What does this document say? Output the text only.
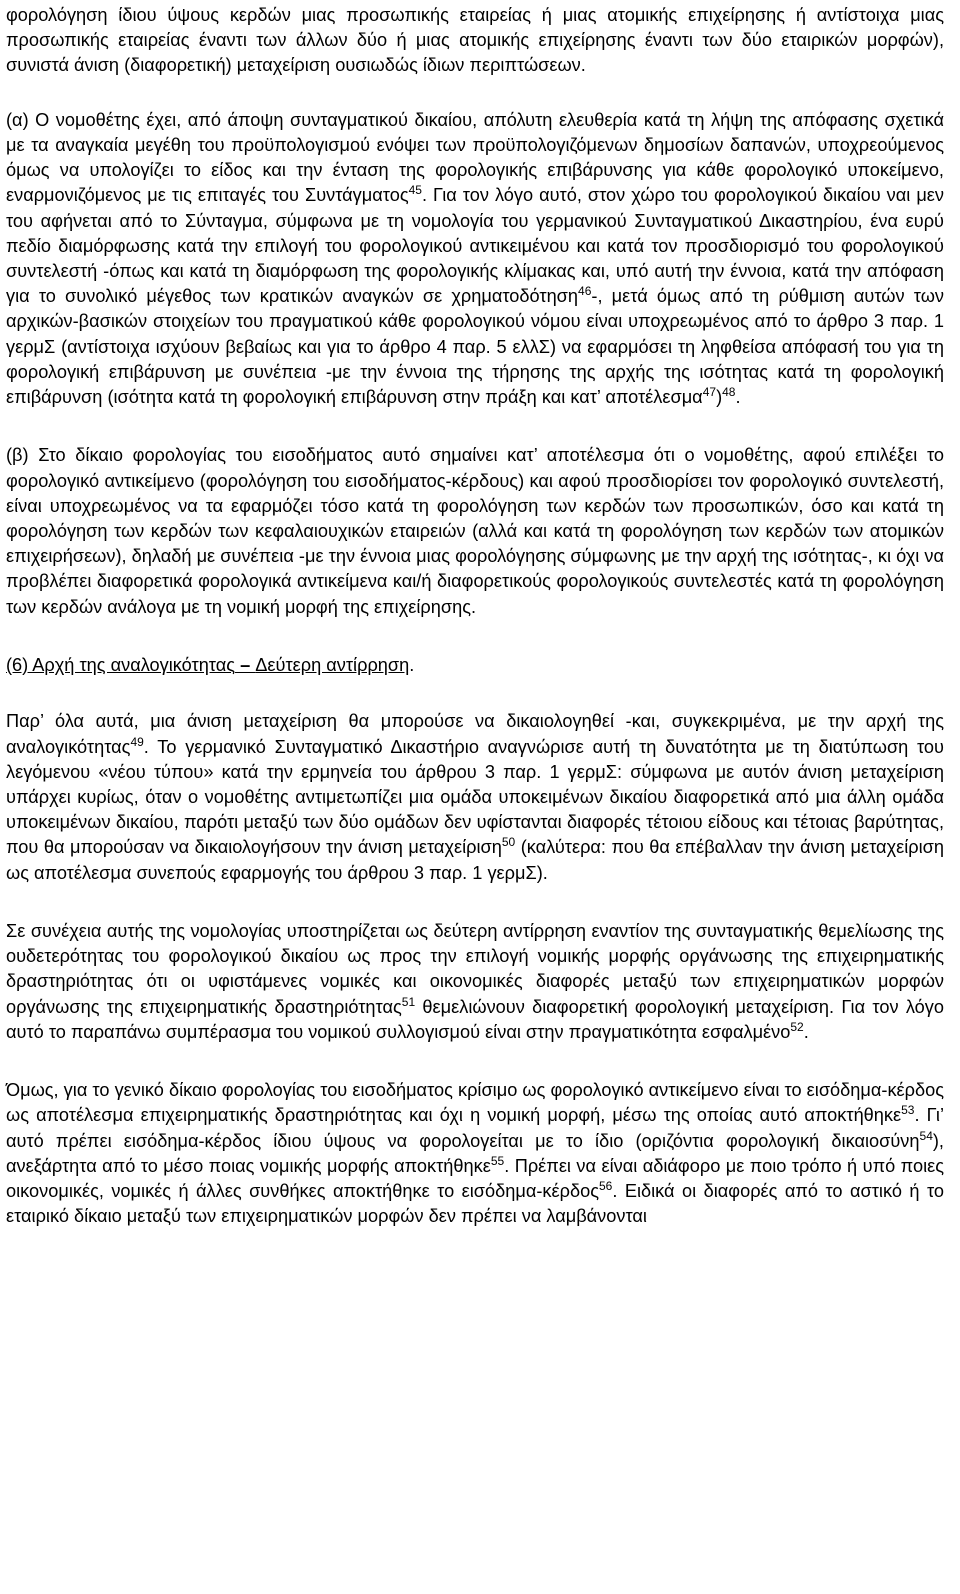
φορολόγηση ίδιου ύψους κερδών μιας προσωπικής εταιρείας ή μιας ατομικής επιχείρησης ή αντίστοιχα μιας προσωπικής εταιρείας έναντι των άλλων δύο ή μιας ατομικής επιχείρησης έναντι των δύο εταιρικών μορφών), συνιστά άνιση (διαφορετική) μεταχείριση ουσιωδώς ίδιων περιπτώσεων.

(α) Ο νομοθέτης έχει, από άποψη συνταγματικού δικαίου, απόλυτη ελευθερία κατά τη λήψη της απόφασης σχετικά με τα αναγκαία μεγέθη του προϋπολογισμού ενόψει των προϋπολογιζόμενων δημοσίων δαπανών, υποχρεούμενος όμως να υπολογίζει το είδος και την ένταση της φορολογικής επιβάρυνσης για κάθε φορολογικό υποκείμενο, εναρμονιζόμενος με τις επιταγές του Συντάγματος$^{45}$. Για τον λόγο αυτό, στον χώρο του φορολογικού δικαίου ναι μεν του αφήνεται από το Σύνταγμα, σύμφωνα με τη νομολογία του γερμανικού Συνταγματικού Δικαστηρίου, ένα ευρύ πεδίο διαμόρφωσης κατά την επιλογή του φορολογικού αντικειμένου και κατά τον προσδιορισμό του φορολογικού συντελεστή -όπως και κατά τη διαμόρφωση της φορολογικής κλίμακας και, υπό αυτή την έννοια, κατά την απόφαση για το συνολικό μέγεθος των κρατικών αναγκών σε χρηματοδότηση$^{46}$-, μετά όμως από τη ρύθμιση αυτών των αρχικών-βασικών στοιχείων του πραγματικού κάθε φορολογικού νόμου είναι υποχρεωμένος από το άρθρο 3 παρ. 1 γερμΣ (αντίστοιχα ισχύουν βεβαίως και για το άρθρο 4 παρ. 5 ελλΣ) να εφαρμόσει τη ληφθείσα απόφασή του για τη φορολογική επιβάρυνση με συνέπεια -με την έννοια της τήρησης της αρχής της ισότητας κατά τη φορολογική επιβάρυνση (ισότητα κατά τη φορολογική επιβάρυνση στην πράξη και κατ’ αποτέλεσμα$^{47}$)$^{48}$.

(β) Στο δίκαιο φορολογίας του εισοδήματος αυτό σημαίνει κατ’ αποτέλεσμα ότι ο νομοθέτης, αφού επιλέξει το φορολογικό αντικείμενο (φορολόγηση του εισοδήματος-κέρδους) και αφού προσδιορίσει τον φορολογικό συντελεστή, είναι υποχρεωμένος να τα εφαρμόζει τόσο κατά τη φορολόγηση των κερδών των προσωπικών, όσο και κατά τη φορολόγηση των κερδών των κεφαλαιουχικών εταιρειών (αλλά και κατά τη φορολόγηση των κερδών των ατομικών επιχειρήσεων), δηλαδή με συνέπεια -με την έννοια μιας φορολόγησης σύμφωνης με την αρχή της ισότητας-, κι όχι να προβλέπει διαφορετικά φορολογικά αντικείμενα και/ή διαφορετικούς φορολογικούς συντελεστές κατά τη φορολόγηση των κερδών ανάλογα με τη νομική μορφή της επιχείρησης.

(6) Αρχή της αναλογικότητας – Δεύτερη αντίρρηση.

Παρ’ όλα αυτά, μια άνιση μεταχείριση θα μπορούσε να δικαιολογηθεί -και, συγκεκριμένα, με την αρχή της αναλογικότητας$^{49}$. Το γερμανικό Συνταγματικό Δικαστήριο αναγνώρισε αυτή τη δυνατότητα με τη διατύπωση του λεγόμενου «νέου τύπου» κατά την ερμηνεία του άρθρου 3 παρ. 1 γερμΣ: σύμφωνα με αυτόν άνιση μεταχείριση υπάρχει κυρίως, όταν ο νομοθέτης αντιμετωπίζει μια ομάδα υποκειμένων δικαίου διαφορετικά από μια άλλη ομάδα υποκειμένων δικαίου, παρότι μεταξύ των δύο ομάδων δεν υφίστανται διαφορές τέτοιου είδους και τέτοιας βαρύτητας, που θα μπορούσαν να δικαιολογήσουν την άνιση μεταχείριση$^{50}$ (καλύτερα: που θα επέβαλλαν την άνιση μεταχείριση ως αποτέλεσμα συνεπούς εφαρμογής του άρθρου 3 παρ. 1 γερμΣ).

Σε συνέχεια αυτής της νομολογίας υποστηρίζεται ως δεύτερη αντίρρηση εναντίον της συνταγματικής θεμελίωσης της ουδετερότητας του φορολογικού δικαίου ως προς την επιλογή νομικής μορφής οργάνωσης της επιχειρηματικής δραστηριότητας ότι οι υφιστάμενες νομικές και οικονομικές διαφορές μεταξύ των επιχειρηματικών μορφών οργάνωσης της επιχειρηματικής δραστηριότητας$^{51}$ θεμελιώνουν διαφορετική φορολογική μεταχείριση. Για τον λόγο αυτό το παραπάνω συμπέρασμα του νομικού συλλογισμού είναι στην πραγματικότητα εσφαλμένο$^{52}$.

Όμως, για το γενικό δίκαιο φορολογίας του εισοδήματος κρίσιμο ως φορολογικό αντικείμενο είναι το εισόδημα-κέρδος ως αποτέλεσμα επιχειρηματικής δραστηριότητας και όχι η νομική μορφή, μέσω της οποίας αυτό αποκτήθηκε$^{53}$. Γι’ αυτό πρέπει εισόδημα-κέρδος ίδιου ύψους να φορολογείται με το ίδιο (οριζόντια φορολογική δικαιοσύνη$^{54}$), ανεξάρτητα από το μέσο ποιας νομικής μορφής αποκτήθηκε$^{55}$. Πρέπει να είναι αδιάφορο με ποιο τρόπο ή υπό ποιες οικονομικές, νομικές ή άλλες συνθήκες αποκτήθηκε το εισόδημα-κέρδος$^{56}$. Ειδικά οι διαφορές από το αστικό ή το εταιρικό δίκαιο μεταξύ των επιχειρηματικών μορφών δεν πρέπει να λαμβάνονται
